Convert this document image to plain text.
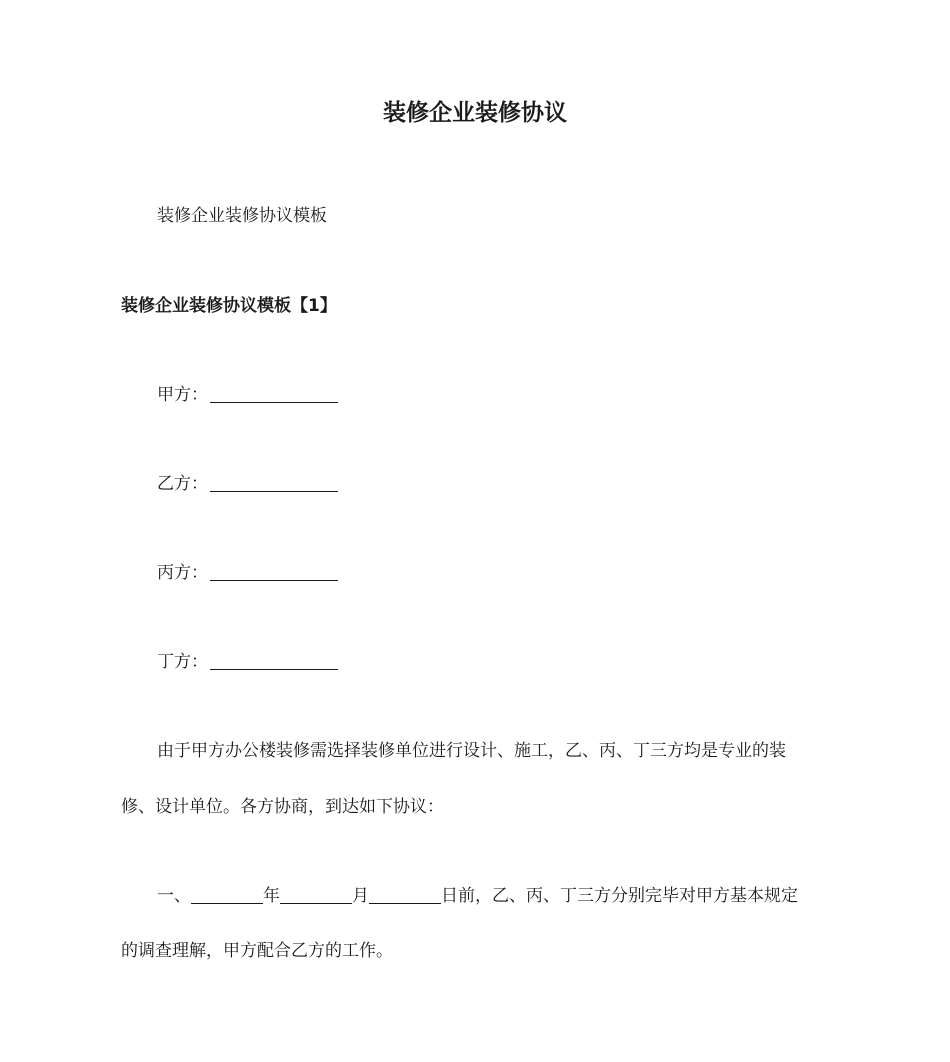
装修企业装修协议
装修企业装修协议模板
装修企业装修协议模板【1】
甲方：
乙方：
丙方：
丁方：
由于甲方办公楼装修需选择装修单位进行设计、施工，乙、丙、丁三方均是专业的装
修、设计单位。各方协商，到达如下协议：
一、	年	月	日前，乙、丙、丁三方分别完毕对甲方基本规定
的调查理解，甲方配合乙方的工作。
